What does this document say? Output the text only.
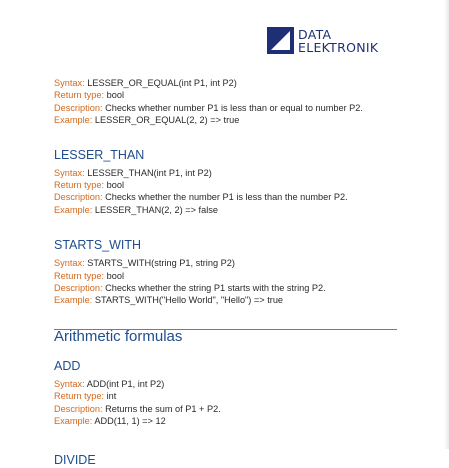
DATA
ELEKTRONIK
Syntax: LESSER_OR_EQUAL(int P1, int P2)
Return type: bool
Description: Checks whether number P1 is less than or equal to number P2.
Example: LESSER_OR_EQUAL(2, 2) => true
LESSER_THAN
Syntax: LESSER_THAN(int P1, int P2)
Return type: bool
Description: Checks whether the number P1 is less than the number P2.
Example: LESSER_THAN(2, 2) => false
STARTS_WITH
Syntax: STARTS_WITH(string P1, string P2)
Return type: bool
Description: Checks whether the string P1 starts with the string P2.
Example: STARTS_WITH("Hello World", "Hello") => true
Arithmetic formulas
ADD
Syntax: ADD(int P1, int P2)
Return type: int
Description: Returns the sum of P1 + P2.
Example: ADD(11, 1) => 12
DIVIDE
